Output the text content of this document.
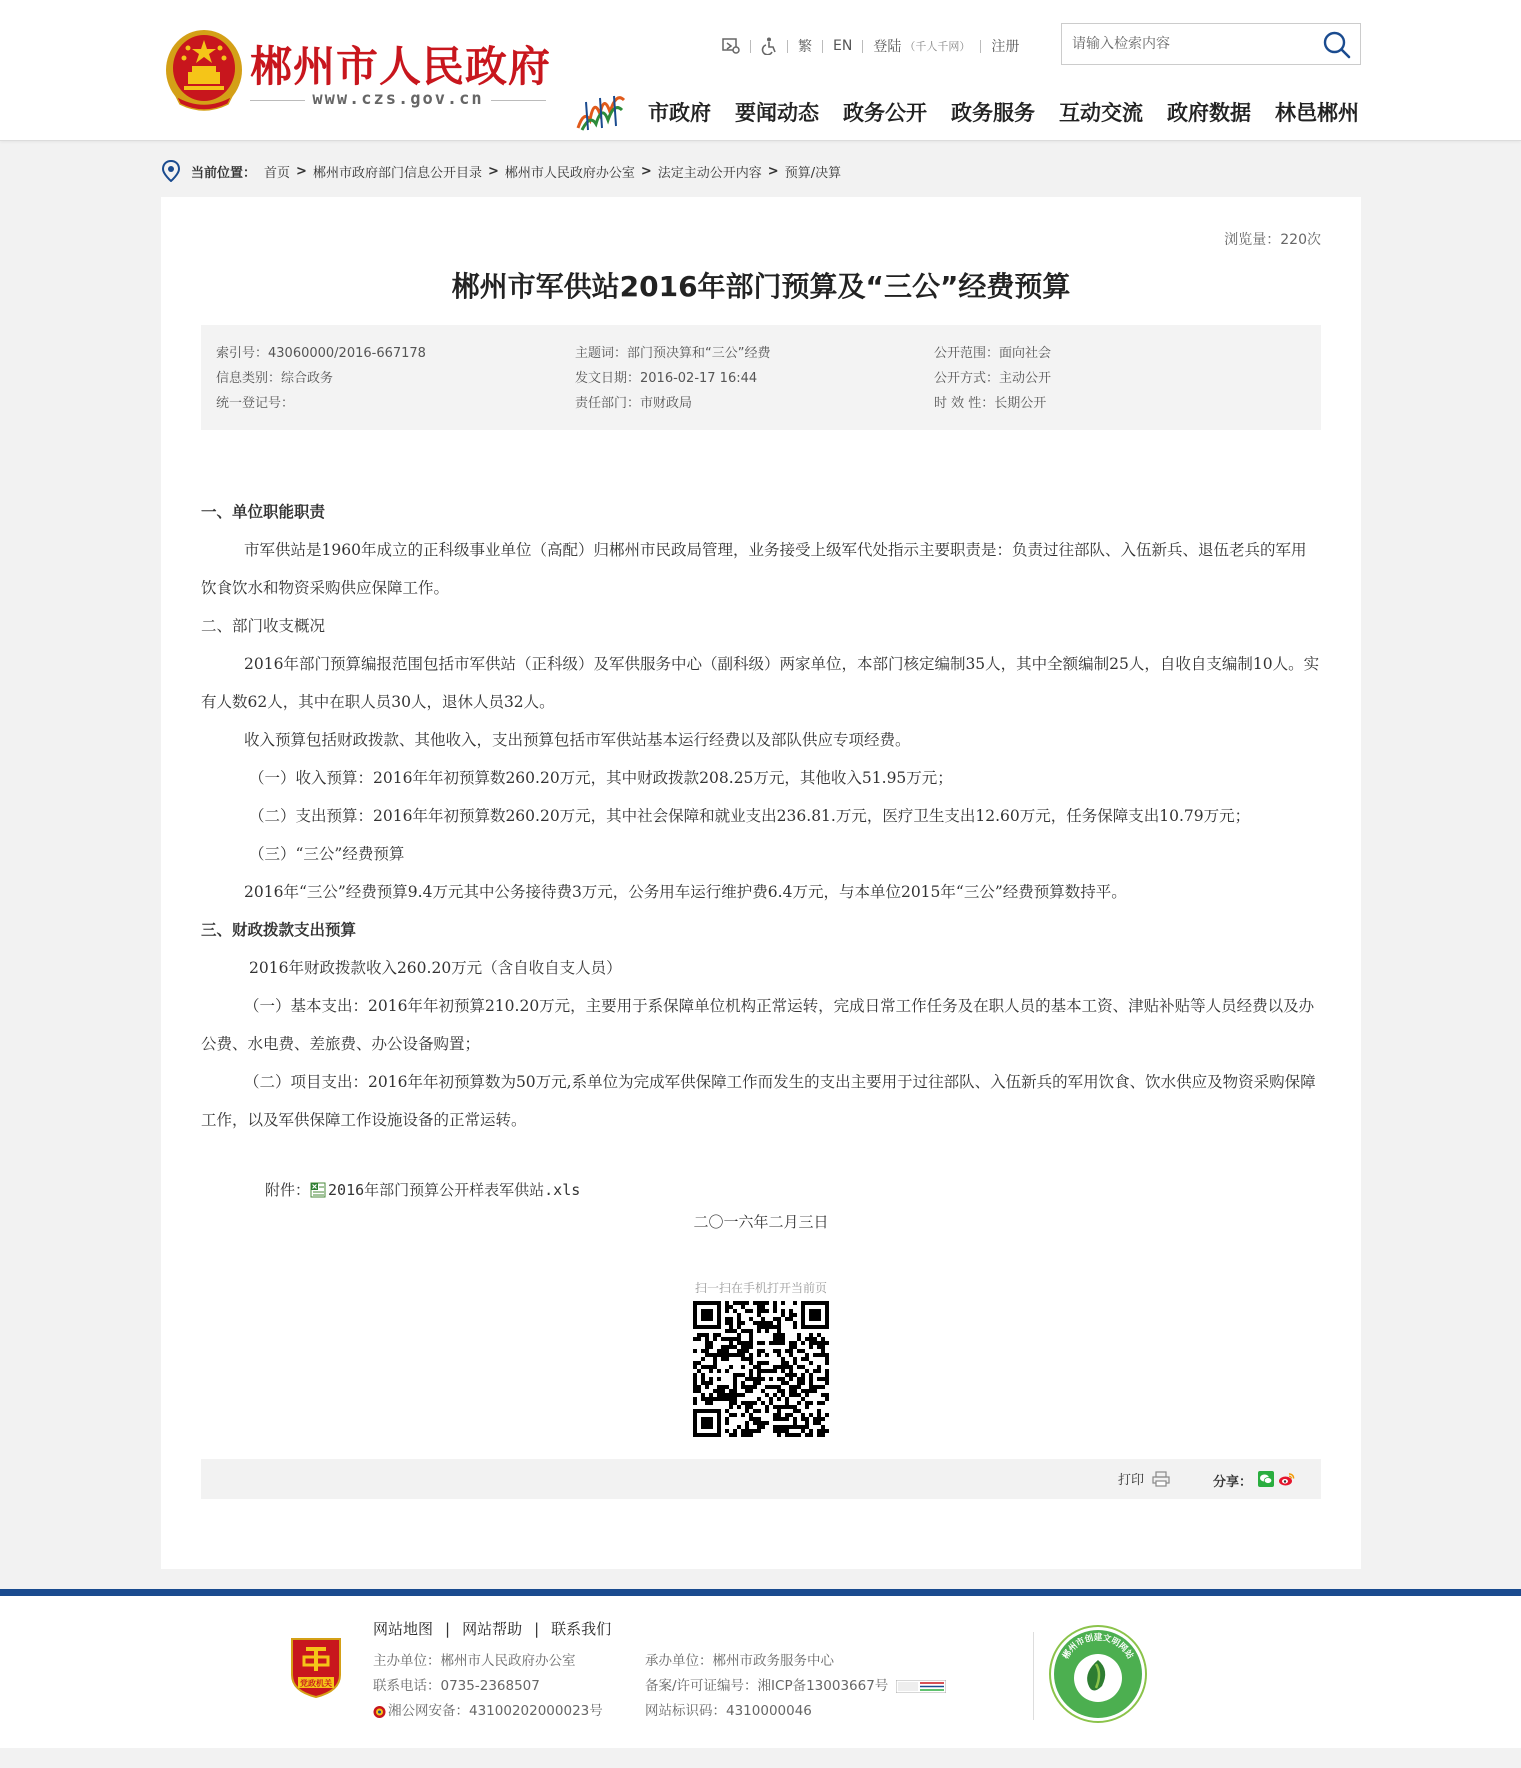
郴州市人民政府
www.czs.gov.cn
繁 EN 登陆 （千人千网） 注册
请输入检索内容
市政府 要闻动态 政务公开 政务服务 互动交流 政府数据 林邑郴州
当前位置： 首页 > 郴州市政府部门信息公开目录 > 郴州市人民政府办公室 > 法定主动公开内容 > 预算/决算
浏览量：220次
郴州市军供站2016年部门预算及“三公”经费预算
索引号：43060000/2016-667178
信息类别：综合政务
统一登记号：
主题词：部门预决算和“三公”经费
发文日期：2016-02-17 16:44
责任部门：市财政局
公开范围：面向社会
公开方式：主动公开
时 效 性：长期公开

一、单位职能职责

市军供站是1960年成立的正科级事业单位（高配）归郴州市民政局管理，业务接受上级军代处指示主要职责是：负责过往部队、入伍新兵、退伍老兵的军用饮食饮水和物资采购供应保障工作。

二、部门收支概况

2016年部门预算编报范围包括市军供站（正科级）及军供服务中心（副科级）两家单位，本部门核定编制35人，其中全额编制25人，自收自支编制10人。实有人数62人，其中在职人员30人，退休人员32人。

收入预算包括财政拨款、其他收入，支出预算包括市军供站基本运行经费以及部队供应专项经费。

（一）收入预算：2016年年初预算数260.20万元，其中财政拨款208.25万元，其他收入51.95万元；

（二）支出预算：2016年年初预算数260.20万元，其中社会保障和就业支出236.81.万元，医疗卫生支出12.60万元，任务保障支出10.79万元；

（三）“三公”经费预算

2016年“三公”经费预算9.4万元其中公务接待费3万元，公务用车运行维护费6.4万元，与本单位2015年“三公”经费预算数持平。

三、财政拨款支出预算

2016年财政拨款收入260.20万元（含自收自支人员）

（一）基本支出：2016年年初预算210.20万元，主要用于系保障单位机构正常运转，完成日常工作任务及在职人员的基本工资、津贴补贴等人员经费以及办公费、水电费、差旅费、办公设备购置；

（二）项目支出：2016年年初预算数为50万元,系单位为完成军供保障工作而发生的支出主要用于过往部队、入伍新兵的军用饮食、饮水供应及物资采购保障工作，以及军供保障工作设施设备的正常运转。

附件： 2016年部门预算公开样表军供站.xls
二〇一六年二月三日
扫一扫在手机打开当前页
打印	分享：
党政机关
网站地图 | 网站帮助 | 联系我们
主办单位：郴州市人民政府办公室
联系电话：0735-2368507
湘公网安备：43100202000023号
承办单位：郴州市政务服务中心
备案/许可证编号：湘ICP备13003667号
网站标识码：4310000046
郴州市创建文明网站
